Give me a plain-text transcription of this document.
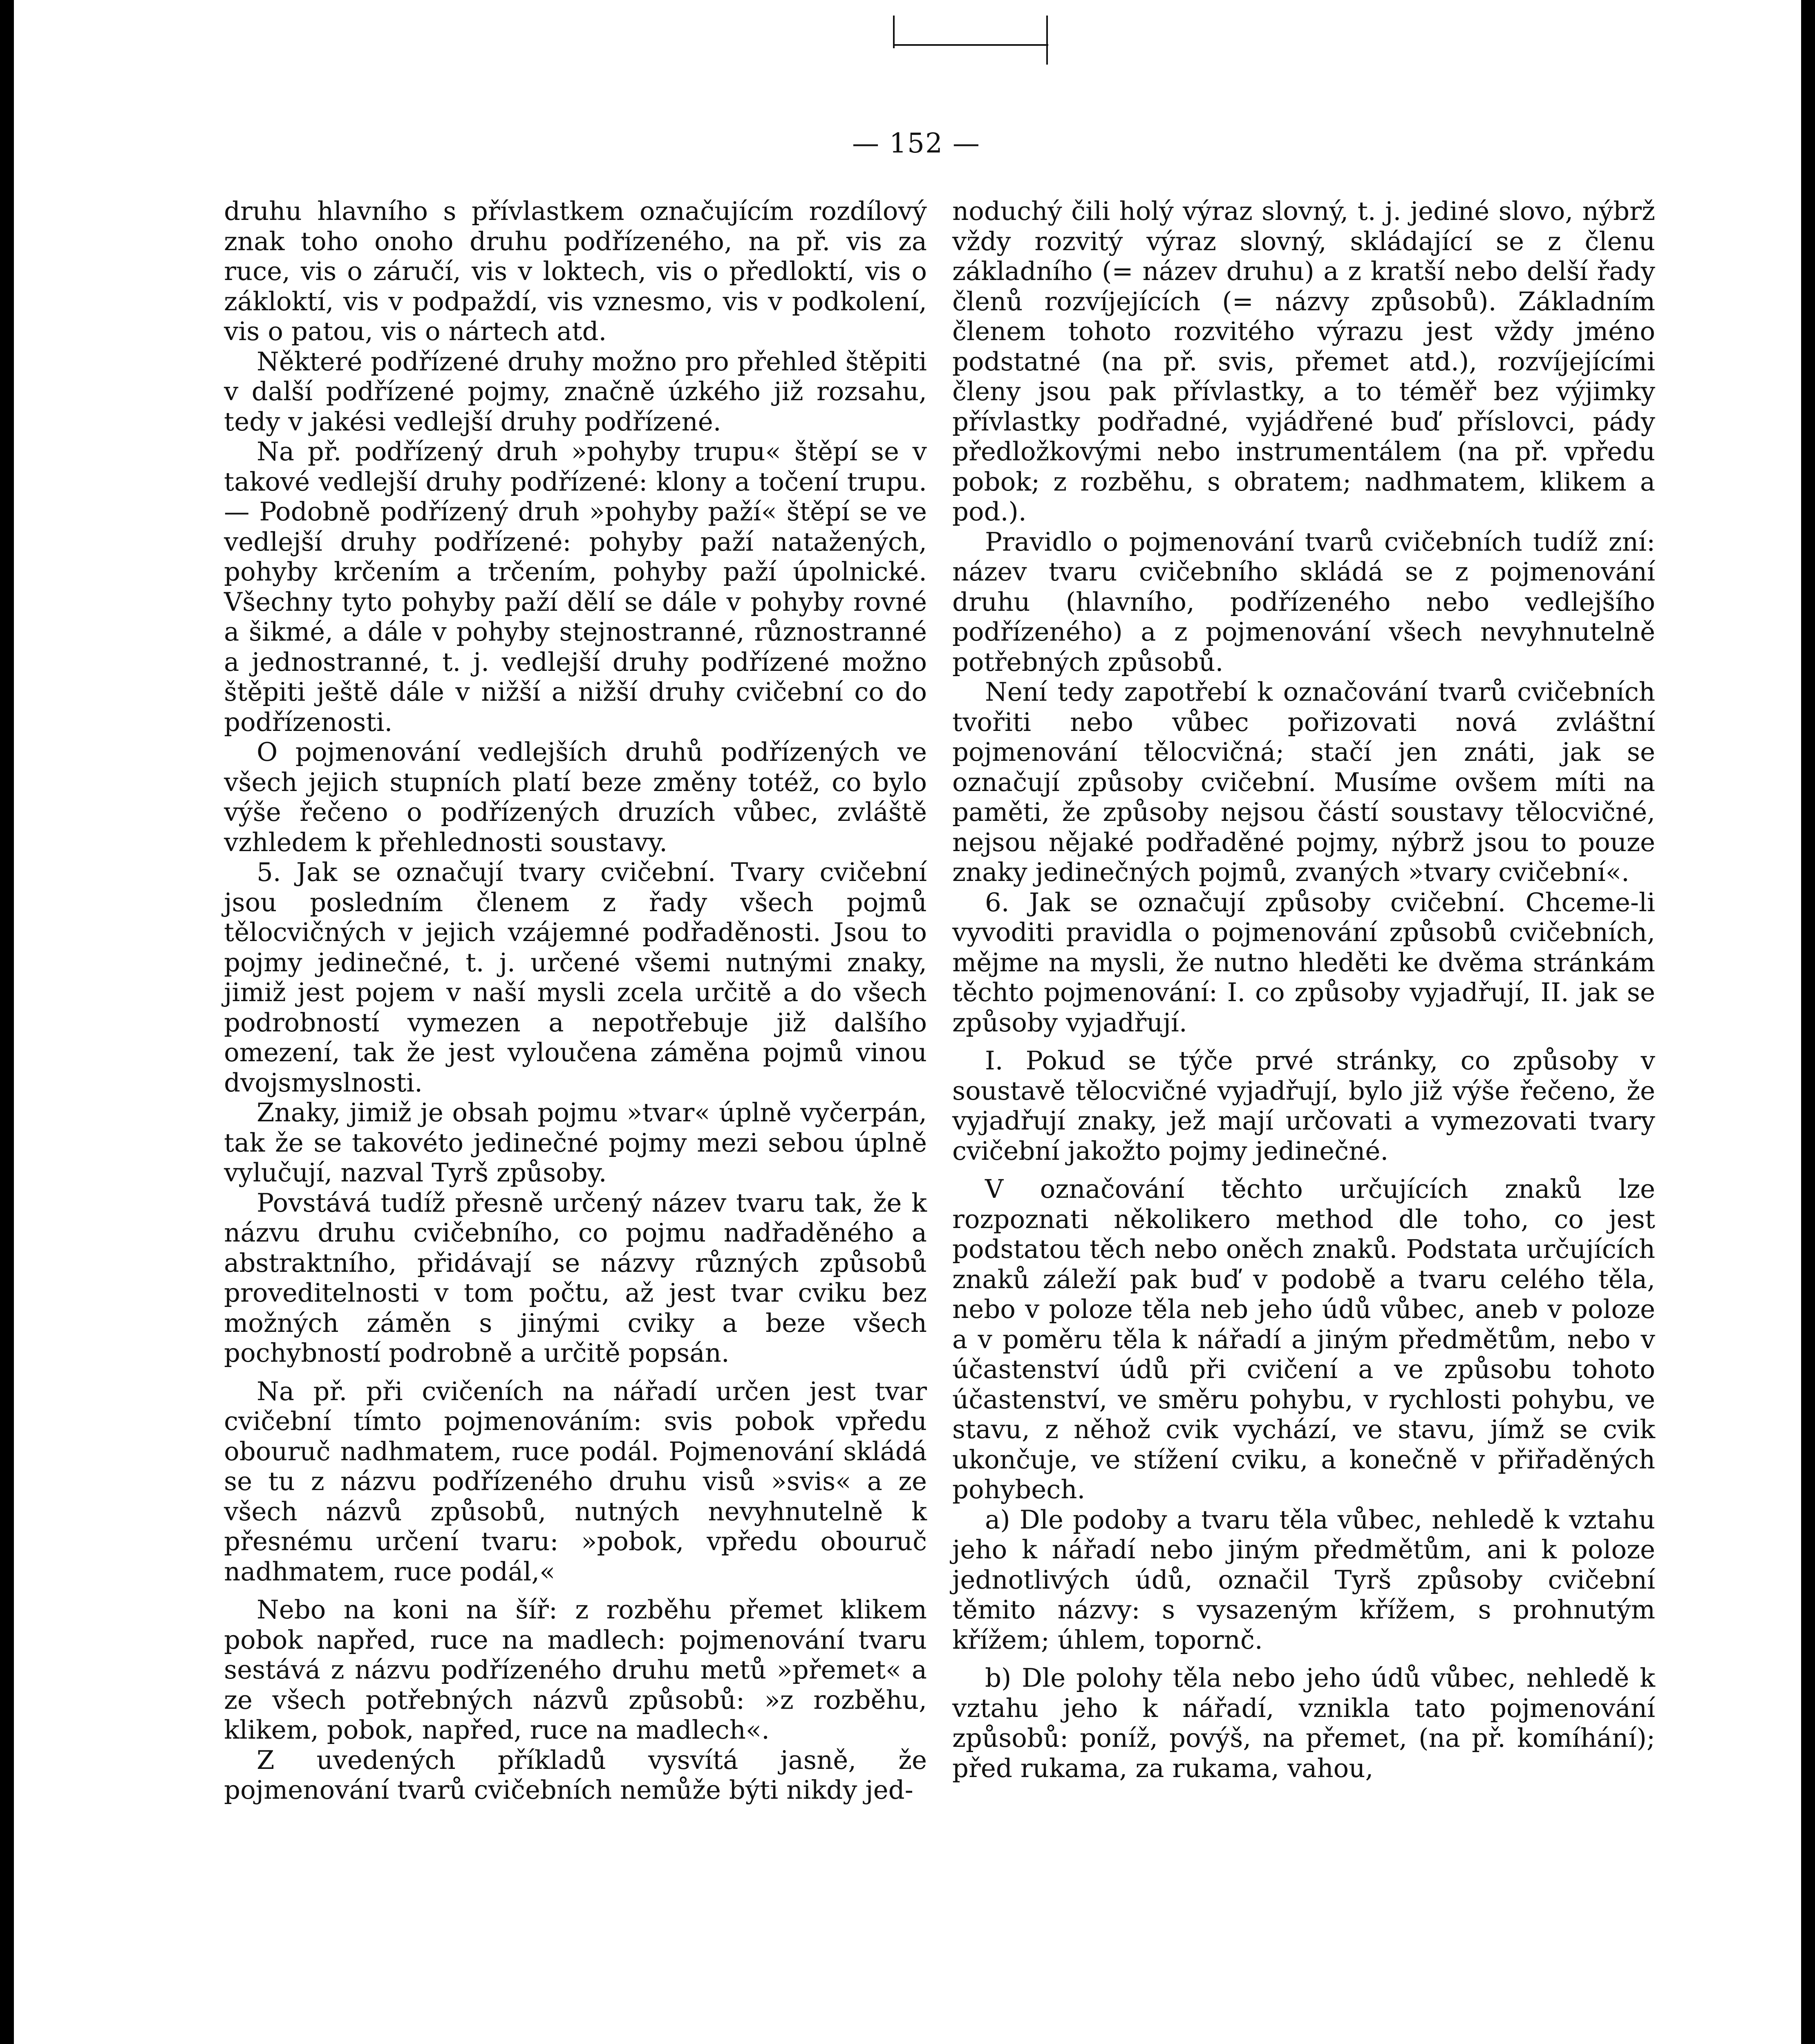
— 152 —

druhu hlavního s přívlastkem označujícím rozdílový znak toho onoho druhu podřízeného, na př. vis za ruce, vis o záručí, vis v loktech, vis o předloktí, vis o zákloktí, vis v podpaždí, vis vznesmo, vis v podkolení, vis o patou, vis o nártech atd.

Některé podřízené druhy možno pro přehled štěpiti v další podřízené pojmy, značně úzkého již rozsahu, tedy v jakési vedlejší druhy podřízené.

Na př. podřízený druh »pohyby trupu« štěpí se v takové vedlejší druhy podřízené: klony a točení trupu. — Podobně podřízený druh »pohyby paží« štěpí se ve vedlejší druhy podřízené: pohyby paží natažených, pohyby krčením a trčením, pohyby paží úpolnické. Všechny tyto pohyby paží dělí se dále v pohyby rovné a šikmé, a dále v pohyby stejnostranné, různostranné a jednostranné, t. j. vedlejší druhy podřízené možno štěpiti ještě dále v nižší a nižší druhy cvičební co do podřízenosti.

O pojmenování vedlejších druhů podřízených ve všech jejich stupních platí beze změny totéž, co bylo výše řečeno o podřízených druzích vůbec, zvláště vzhledem k přehlednosti soustavy.

5. Jak se označují tvary cvičební. Tvary cvičební jsou posledním členem z řady všech pojmů tělocvičných v jejich vzájemné podřaděnosti. Jsou to pojmy jedinečné, t. j. určené všemi nutnými znaky, jimiž jest pojem v naší mysli zcela určitě a do všech podrobností vymezen a nepotřebuje již dalšího omezení, tak že jest vyloučena záměna pojmů vinou dvojsmyslnosti.

Znaky, jimiž je obsah pojmu »tvar« úplně vyčerpán, tak že se takovéto jedinečné pojmy mezi sebou úplně vylučují, nazval Tyrš způsoby.

Povstává tudíž přesně určený název tvaru tak, že k názvu druhu cvičebního, co pojmu nadřaděného a abstraktního, přidávají se názvy různých způsobů proveditelnosti v tom počtu, až jest tvar cviku bez možných záměn s jinými cviky a beze všech pochybností podrobně a určitě popsán.

Na př. při cvičeních na nářadí určen jest tvar cvičební tímto pojmenováním: svis pobok vpředu obouruč nadhmatem, ruce podál. Pojmenování skládá se tu z názvu podřízeného druhu visů »svis« a ze všech názvů způsobů, nutných nevyhnutelně k přesnému určení tvaru: »pobok, vpředu obouruč nadhmatem, ruce podál,«

Nebo na koni na šíř: z rozběhu přemet klikem pobok napřed, ruce na madlech: pojmenování tvaru sestává z názvu podřízeného druhu metů »přemet« a ze všech potřebných názvů způsobů: »z rozběhu, klikem, pobok, napřed, ruce na madlech«.

Z uvedených příkladů vysvítá jasně, že pojmenování tvarů cvičebních nemůže býti nikdy jed-

noduchý čili holý výraz slovný, t. j. jediné slovo, nýbrž vždy rozvitý výraz slovný, skládající se z členu základního (= název druhu) a z kratší nebo delší řady členů rozvíjejících (= názvy způsobů). Základním členem tohoto rozvitého výrazu jest vždy jméno podstatné (na př. svis, přemet atd.), rozvíjejícími členy jsou pak přívlastky, a to téměř bez výjimky přívlastky podřadné, vyjádřené buď příslovci, pády předložkovými nebo instrumentálem (na př. vpředu pobok; z rozběhu, s obratem; nadhmatem, klikem a pod.).

Pravidlo o pojmenování tvarů cvičebních tudíž zní: název tvaru cvičebního skládá se z pojmenování druhu (hlavního, podřízeného nebo vedlejšího podřízeného) a z pojmenování všech nevyhnutelně potřebných způsobů.

Není tedy zapotřebí k označování tvarů cvičebních tvořiti nebo vůbec pořizovati nová zvláštní pojmenování tělocvičná; stačí jen znáti, jak se označují způsoby cvičební. Musíme ovšem míti na paměti, že způsoby nejsou částí soustavy tělocvičné, nejsou nějaké podřaděné pojmy, nýbrž jsou to pouze znaky jedinečných pojmů, zvaných »tvary cvičební«.

6. Jak se označují způsoby cvičební. Chceme-li vyvoditi pravidla o pojmenování způsobů cvičebních, mějme na mysli, že nutno hleděti ke dvěma stránkám těchto pojmenování: I. co způsoby vyjadřují, II. jak se způsoby vyjadřují.

I. Pokud se týče prvé stránky, co způsoby v soustavě tělocvičné vyjadřují, bylo již výše řečeno, že vyjadřují znaky, jež mají určovati a vymezovati tvary cvičební jakožto pojmy jedinečné.

V označování těchto určujících znaků lze rozpoznati několikero method dle toho, co jest podstatou těch nebo oněch znaků. Podstata určujících znaků záleží pak buď v podobě a tvaru celého těla, nebo v poloze těla neb jeho údů vůbec, aneb v poloze a v poměru těla k nářadí a jiným předmětům, nebo v účastenství údů při cvičení a ve způsobu tohoto účastenství, ve směru pohybu, v rychlosti pohybu, ve stavu, z něhož cvik vychází, ve stavu, jímž se cvik ukončuje, ve stížení cviku, a konečně v přiřaděných pohybech.

a) Dle podoby a tvaru těla vůbec, nehledě k vztahu jeho k nářadí nebo jiným předmětům, ani k poloze jednotlivých údů, označil Tyrš způsoby cvičební těmito názvy: s vysazeným křížem, s prohnutým křížem; úhlem, topornč.

b) Dle polohy těla nebo jeho údů vůbec, nehledě k vztahu jeho k nářadí, vznikla tato pojmenování způsobů: poníž, povýš, na přemet, (na př. komíhání); před rukama, za rukama, vahou,
